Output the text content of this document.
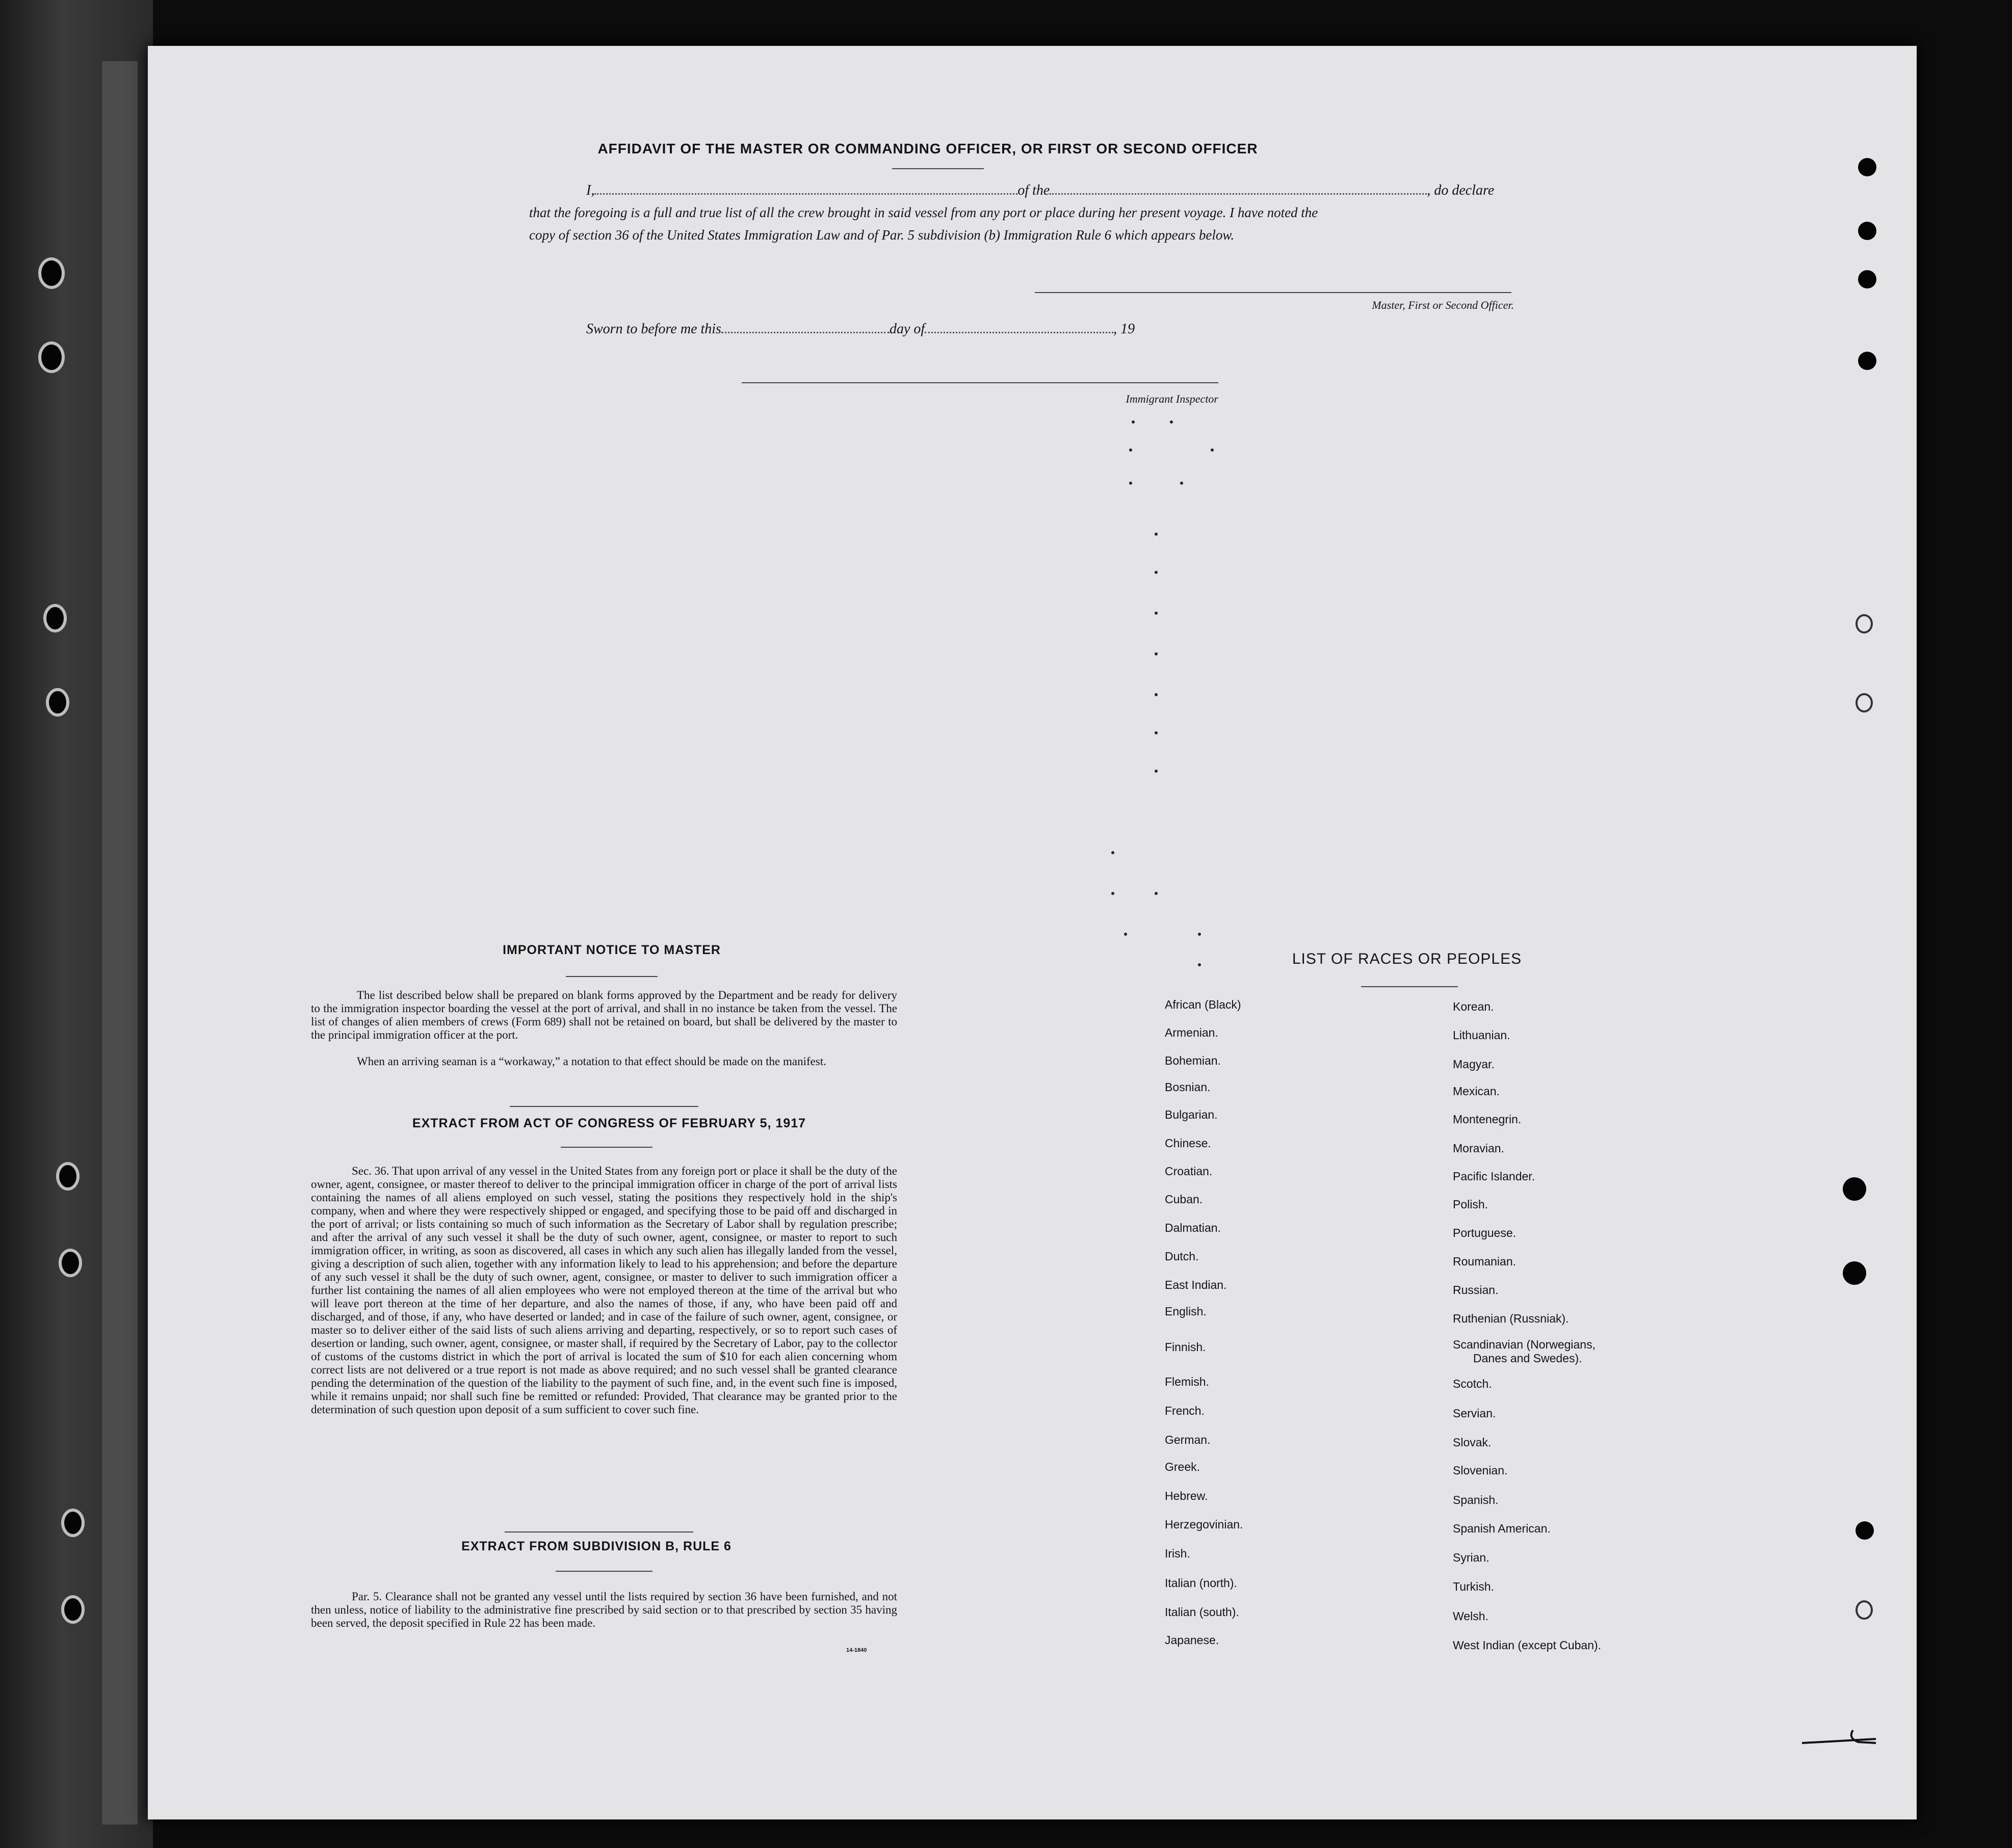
AFFIDAVIT OF THE MASTER OR COMMANDING OFFICER, OR FIRST OR SECOND OFFICER
I,	of the	, do declare
that the foregoing is a full and true list of all the crew brought in said vessel from any port or place during her present voyage. I have noted the
copy of section 36 of the United States Immigration Law and of Par. 5 subdivision (b) Immigration Rule 6 which appears below.
Master, First or Second Officer.
Sworn to before me this	day of	, 19
Immigrant Inspector
IMPORTANT NOTICE TO MASTER
The list described below shall be prepared on blank forms approved by the Department and be ready for delivery to the immigration inspector boarding the vessel at the port of arrival, and shall in no instance be taken from the vessel. The list of changes of alien members of crews (Form 689) shall not be retained on board, but shall be delivered by the master to the principal immigration officer at the port.
When an arriving seaman is a “workaway,” a notation to that effect should be made on the manifest.
EXTRACT FROM ACT OF CONGRESS OF FEBRUARY 5, 1917
Sec. 36. That upon arrival of any vessel in the United States from any foreign port or place it shall be the duty of the owner, agent, consignee, or master thereof to deliver to the principal immigration officer in charge of the port of arrival lists containing the names of all aliens employed on such vessel, stating the positions they respectively hold in the ship's company, when and where they were respectively shipped or engaged, and specifying those to be paid off and discharged in the port of arrival; or lists containing so much of such information as the Secretary of Labor shall by regulation prescribe; and after the arrival of any such vessel it shall be the duty of such owner, agent, consignee, or master to report to such immigration officer, in writing, as soon as discovered, all cases in which any such alien has illegally landed from the vessel, giving a description of such alien, together with any information likely to lead to his apprehension; and before the departure of any such vessel it shall be the duty of such owner, agent, consignee, or master to deliver to such immigration officer a further list containing the names of all alien employees who were not employed thereon at the time of the arrival but who will leave port thereon at the time of her departure, and also the names of those, if any, who have been paid off and discharged, and of those, if any, who have deserted or landed; and in case of the failure of such owner, agent, consignee, or master so to deliver either of the said lists of such aliens arriving and departing, respectively, or so to report such cases of desertion or landing, such owner, agent, consignee, or master shall, if required by the Secretary of Labor, pay to the collector of customs of the customs district in which the port of arrival is located the sum of $10 for each alien concerning whom correct lists are not delivered or a true report is not made as above required; and no such vessel shall be granted clearance pending the determination of the question of the liability to the payment of such fine, and, in the event such fine is imposed, while it remains unpaid; nor shall such fine be remitted or refunded: Provided, That clearance may be granted prior to the determination of such question upon deposit of a sum sufficient to cover such fine.
EXTRACT FROM SUBDIVISION B, RULE 6
Par. 5. Clearance shall not be granted any vessel until the lists required by section 36 have been furnished, and not then unless, notice of liability to the administrative fine prescribed by said section or to that prescribed by section 35 having been served, the deposit specified in Rule 22 has been made.
14-1840
LIST OF RACES OR PEOPLES
African (Black)
Armenian.
Bohemian.
Bosnian.
Bulgarian.
Chinese.
Croatian.
Cuban.
Dalmatian.
Dutch.
East Indian.
English.
Finnish.
Flemish.
French.
German.
Greek.
Hebrew.
Herzegovinian.
Irish.
Italian (north).
Italian (south).
Japanese.
Korean.
Lithuanian.
Magyar.
Mexican.
Montenegrin.
Moravian.
Pacific Islander.
Polish.
Portuguese.
Roumanian.
Russian.
Ruthenian (Russniak).
Scandinavian (Norwegians,
Danes and Swedes).
Scotch.
Servian.
Slovak.
Slovenian.
Spanish.
Spanish American.
Syrian.
Turkish.
Welsh.
West Indian (except Cuban).
